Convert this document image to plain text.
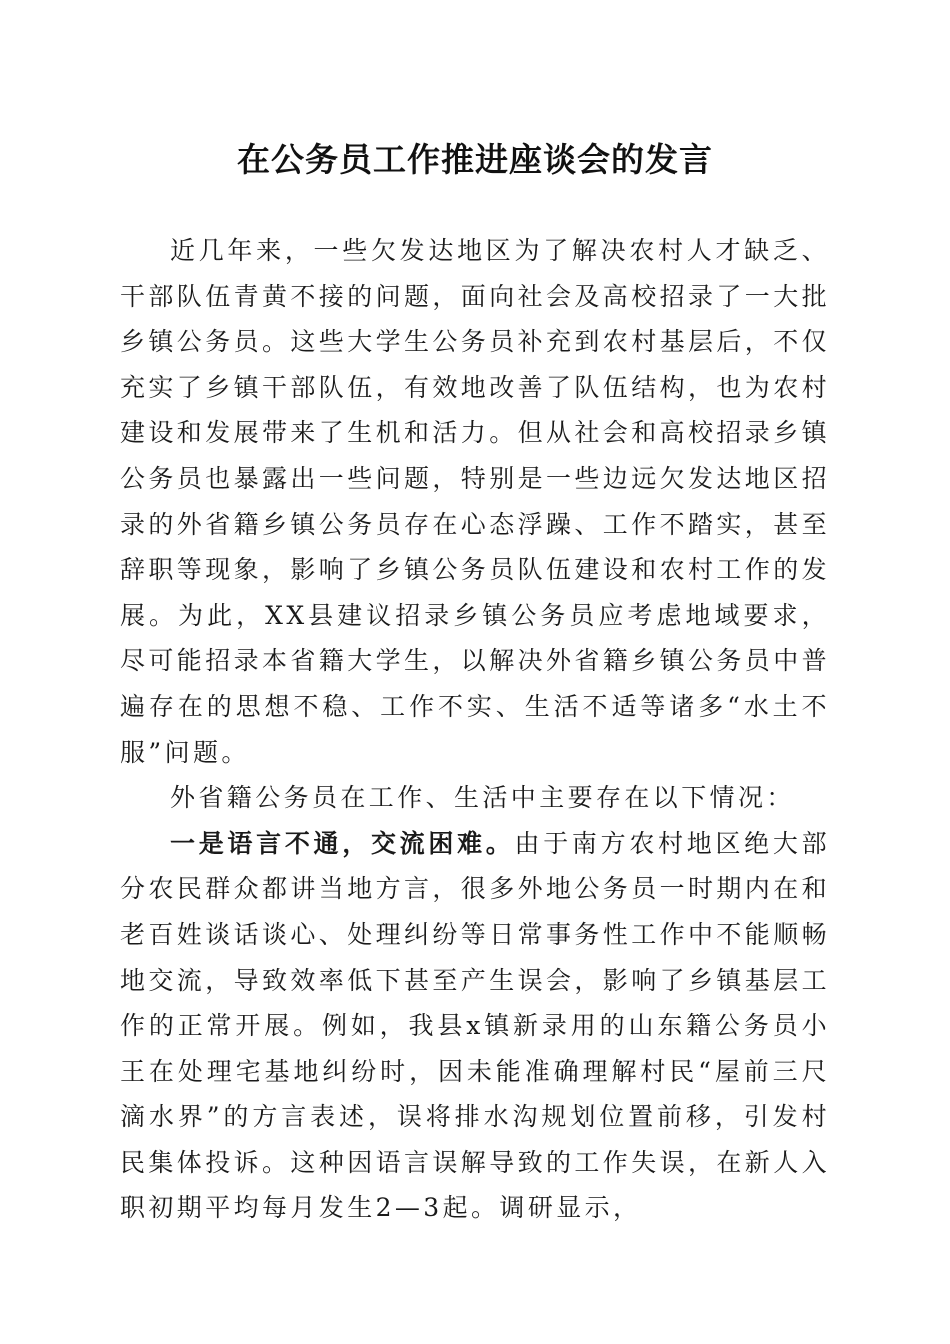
在公务员工作推进座谈会的发言

近几年来，一些欠发达地区为了解决农村人才缺乏、干部队伍青黄不接的问题，面向社会及高校招录了一大批乡镇公务员。这些大学生公务员补充到农村基层后，不仅充实了乡镇干部队伍，有效地改善了队伍结构，也为农村建设和发展带来了生机和活力。但从社会和高校招录乡镇公务员也暴露出一些问题，特别是一些边远欠发达地区招录的外省籍乡镇公务员存在心态浮躁、工作不踏实，甚至辞职等现象，影响了乡镇公务员队伍建设和农村工作的发展。为此，XX县建议招录乡镇公务员应考虑地域要求，尽可能招录本省籍大学生，以解决外省籍乡镇公务员中普遍存在的思想不稳、工作不实、生活不适等诸多“水土不服”问题。

外省籍公务员在工作、生活中主要存在以下情况：

一是语言不通，交流困难。由于南方农村地区绝大部分农民群众都讲当地方言，很多外地公务员一时期内在和老百姓谈话谈心、处理纠纷等日常事务性工作中不能顺畅地交流，导致效率低下甚至产生误会，影响了乡镇基层工作的正常开展。例如，我县x镇新录用的山东籍公务员小王在处理宅基地纠纷时，因未能准确理解村民“屋前三尺滴水界”的方言表述，误将排水沟规划位置前移，引发村民集体投诉。这种因语言误解导致的工作失误，在新人入职初期平均每月发生2—3起。调研显示，
